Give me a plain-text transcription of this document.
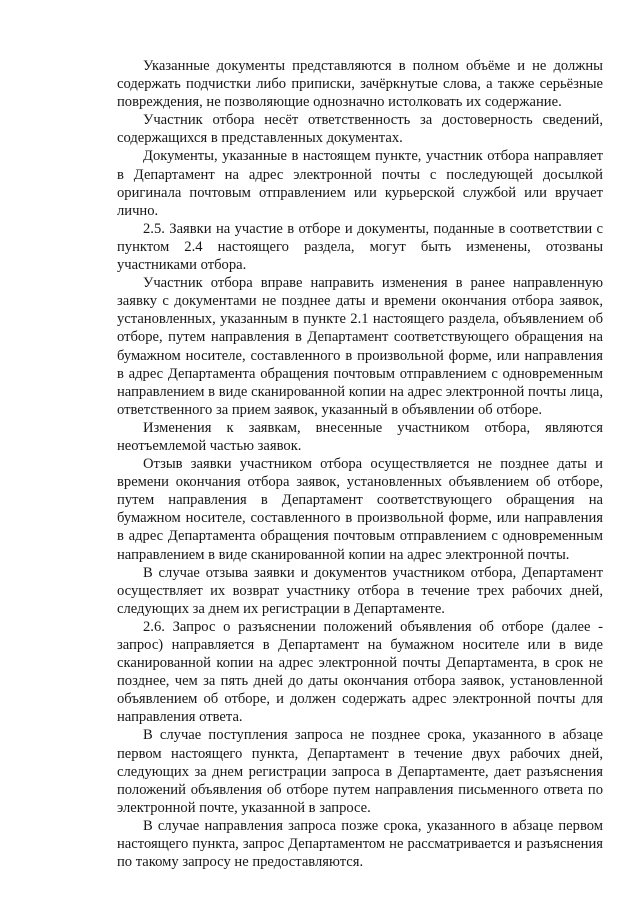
Указанные документы представляются в полном объёме и не должны содержать подчистки либо приписки, зачёркнутые слова, а также серьёзные повреждения, не позволяющие однозначно истолковать их содержание.

Участник отбора несёт ответственность за достоверность сведений, содержащихся в представленных документах.

Документы, указанные в настоящем пункте, участник отбора направляет в Департамент на адрес электронной почты с последующей досылкой оригинала почтовым отправлением или курьерской службой или вручает лично.

2.5. Заявки на участие в отборе и документы, поданные в соответствии с пунктом 2.4 настоящего раздела, могут быть изменены, отозваны участниками отбора.

Участник отбора вправе направить изменения в ранее направленную заявку с документами не позднее даты и времени окончания отбора заявок, установленных, указанным в пункте 2.1 настоящего раздела, объявлением об отборе, путем направления в Департамент соответствующего обращения на бумажном носителе, составленного в произвольной форме, или направления в адрес Департамента обращения почтовым отправлением с одновременным направлением в виде сканированной копии на адрес электронной почты лица, ответственного за прием заявок, указанный в объявлении об отборе.

Изменения к заявкам, внесенные участником отбора, являются неотъемлемой частью заявок.

Отзыв заявки участником отбора осуществляется не позднее даты и времени окончания отбора заявок, установленных объявлением об отборе, путем направления в Департамент соответствующего обращения на бумажном носителе, составленного в произвольной форме, или направления в адрес Департамента обращения почтовым отправлением с одновременным направлением в виде сканированной копии на адрес электронной почты.

В случае отзыва заявки и документов участником отбора, Департамент осуществляет их возврат участнику отбора в течение трех рабочих дней, следующих за днем их регистрации в Департаменте.

2.6. Запрос о разъяснении положений объявления об отборе (далее - запрос) направляется в Департамент на бумажном носителе или в виде сканированной копии на адрес электронной почты Департамента, в срок не позднее, чем за пять дней до даты окончания отбора заявок, установленной объявлением об отборе, и должен содержать адрес электронной почты для направления ответа.

В случае поступления запроса не позднее срока, указанного в абзаце первом настоящего пункта, Департамент в течение двух рабочих дней, следующих за днем регистрации запроса в Департаменте, дает разъяснения положений объявления об отборе путем направления письменного ответа по электронной почте, указанной в запросе.

В случае направления запроса позже срока, указанного в абзаце первом настоящего пункта, запрос Департаментом не рассматривается и разъяснения по такому запросу не предоставляются.
